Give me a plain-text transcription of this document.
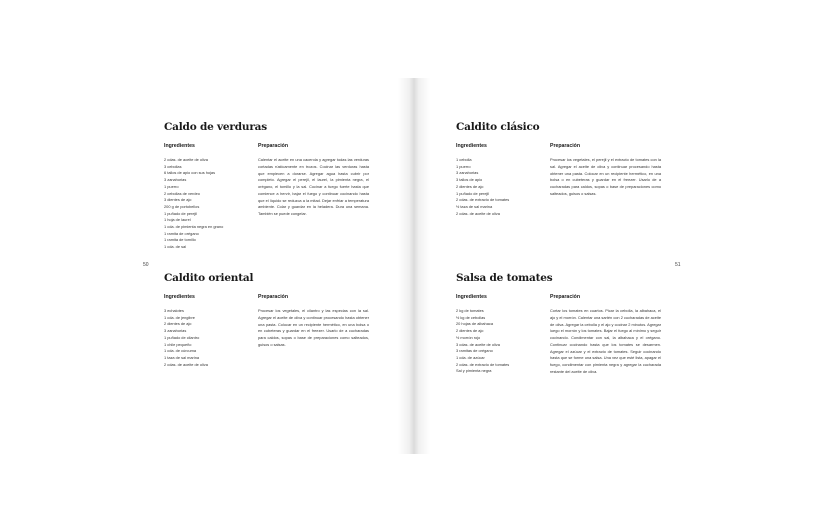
Caldo de verduras
Ingredientes	Preparación
2 cdas. de aceite de oliva
3 cebollas
6 tallos de apio con sus hojas
3 zanahorias
1 puerro
2 cebollas de verdeo
3 dientes de ajo
200 g de portobellos
1 puñado de perejil
1 hoja de laurel
1 cda. de pimienta negra en grano
1 ramita de orégano
1 ramita de tomillo
1 cda. de sal

Calentar el aceite en una cacerola y agregar todas las verduras cortadas rústicamente en trozos. Cocinar las verduras hasta que empiecen a dorarse. Agregar agua hasta cubrir por completo. Agregar el perejil, el laurel, la pimienta negra, el orégano, el tomillo y la sal. Cocinar a fuego fuerte hasta que comience a hervir, bajar el fuego y continuar cocinando hasta que el líquido se reduzca a la mitad. Dejar enfriar a temperatura ambiente. Colar y guardar en la heladera. Dura una semana. También se puede congelar.

Caldito oriental
Ingredientes	Preparación
3 echalotes
1 cda. de jengibre
2 dientes de ajo
3 zanahorias
1 puñado de cilantro
1 chile pequeño
1 cda. de cúrcuma
1 taza de sal marina
2 cdas. de aceite de oliva

Procesar los vegetales, el cilantro y las especias con la sal. Agregar el aceite de oliva y continuar procesando hasta obtener una pasta. Colocar en un recipiente hermético, en una bolsa o en cubeteras y guardar en el freezer. Usarlo de a cucharadas para caldos, sopas o base de preparaciones como salteados, guisos o salsas.

50
Caldito clásico
Ingredientes	Preparación
1 cebolla
1 puerro
3 zanahorias
3 tallos de apio
2 dientes de ajo
1 puñado de perejil
2 cdas. de extracto de tomates
½ taza de sal marina
2 cdas. de aceite de oliva

Procesar los vegetales, el perejil y el extracto de tomates con la sal. Agregar el aceite de oliva y continuar procesando hasta obtener una pasta. Colocar en un recipiente hermético, en una bolsa o en cubeteras y guardar en el freezer. Usarlo de a cucharadas para caldos, sopas o base de preparaciones como salteados, guisos o salsas.

Salsa de tomates
Ingredientes	Preparación
2 kg de tomates
½ kg de cebollas
20 hojas de albahaca
2 dientes de ajo
½ morrón rojo
3 cdas. de aceite de oliva
3 ramitas de orégano
1 cda. de azúcar
2 cdas. de extracto de tomates
Sal y pimienta negra

Cortar los tomates en cuartos. Picar la cebolla, la albahaca, el ajo y el morrón. Calentar una sartén con 2 cucharadas de aceite de oliva. Agregar la cebolla y el ajo y cocinar 2 minutos. Agregar luego el morrón y los tomates. Bajar el fuego al mínimo y seguir cocinando. Condimentar con sal, la albahaca y el orégano. Continuar cocinando hasta que los tomates se desarmen. Agregar el azúcar y el extracto de tomates. Seguir cocinando hasta que se forme una salsa. Una vez que esté lista, apagar el fuego, condimentar con pimienta negra y agregar la cucharada restante del aceite de oliva.

51
